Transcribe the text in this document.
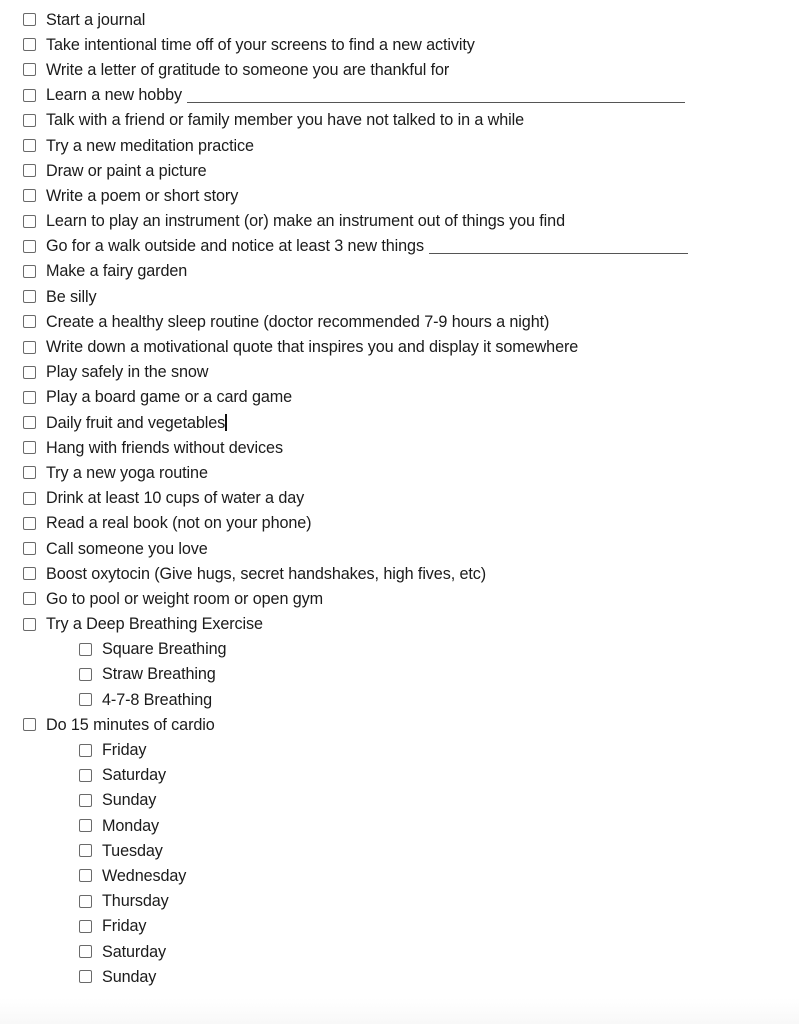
Start a journal
Take intentional time off of your screens to find a new activity
Write a letter of gratitude to someone you are thankful for
Learn a new hobby
Talk with a friend or family member you have not talked to in a while
Try a new meditation practice
Draw or paint a picture
Write a poem or short story
Learn to play an instrument (or) make an instrument out of things you find
Go for a walk outside and notice at least 3 new things
Make a fairy garden
Be silly
Create a healthy sleep routine (doctor recommended 7-9 hours a night)
Write down a motivational quote that inspires you and display it somewhere
Play safely in the snow
Play a board game or a card game
Daily fruit and vegetables
Hang with friends without devices
Try a new yoga routine
Drink at least 10 cups of water a day
Read a real book (not on your phone)
Call someone you love
Boost oxytocin (Give hugs, secret handshakes, high fives, etc)
Go to pool or weight room or open gym
Try a Deep Breathing Exercise
Square Breathing
Straw Breathing
4-7-8 Breathing
Do 15 minutes of cardio
Friday
Saturday
Sunday
Monday
Tuesday
Wednesday
Thursday
Friday
Saturday
Sunday
